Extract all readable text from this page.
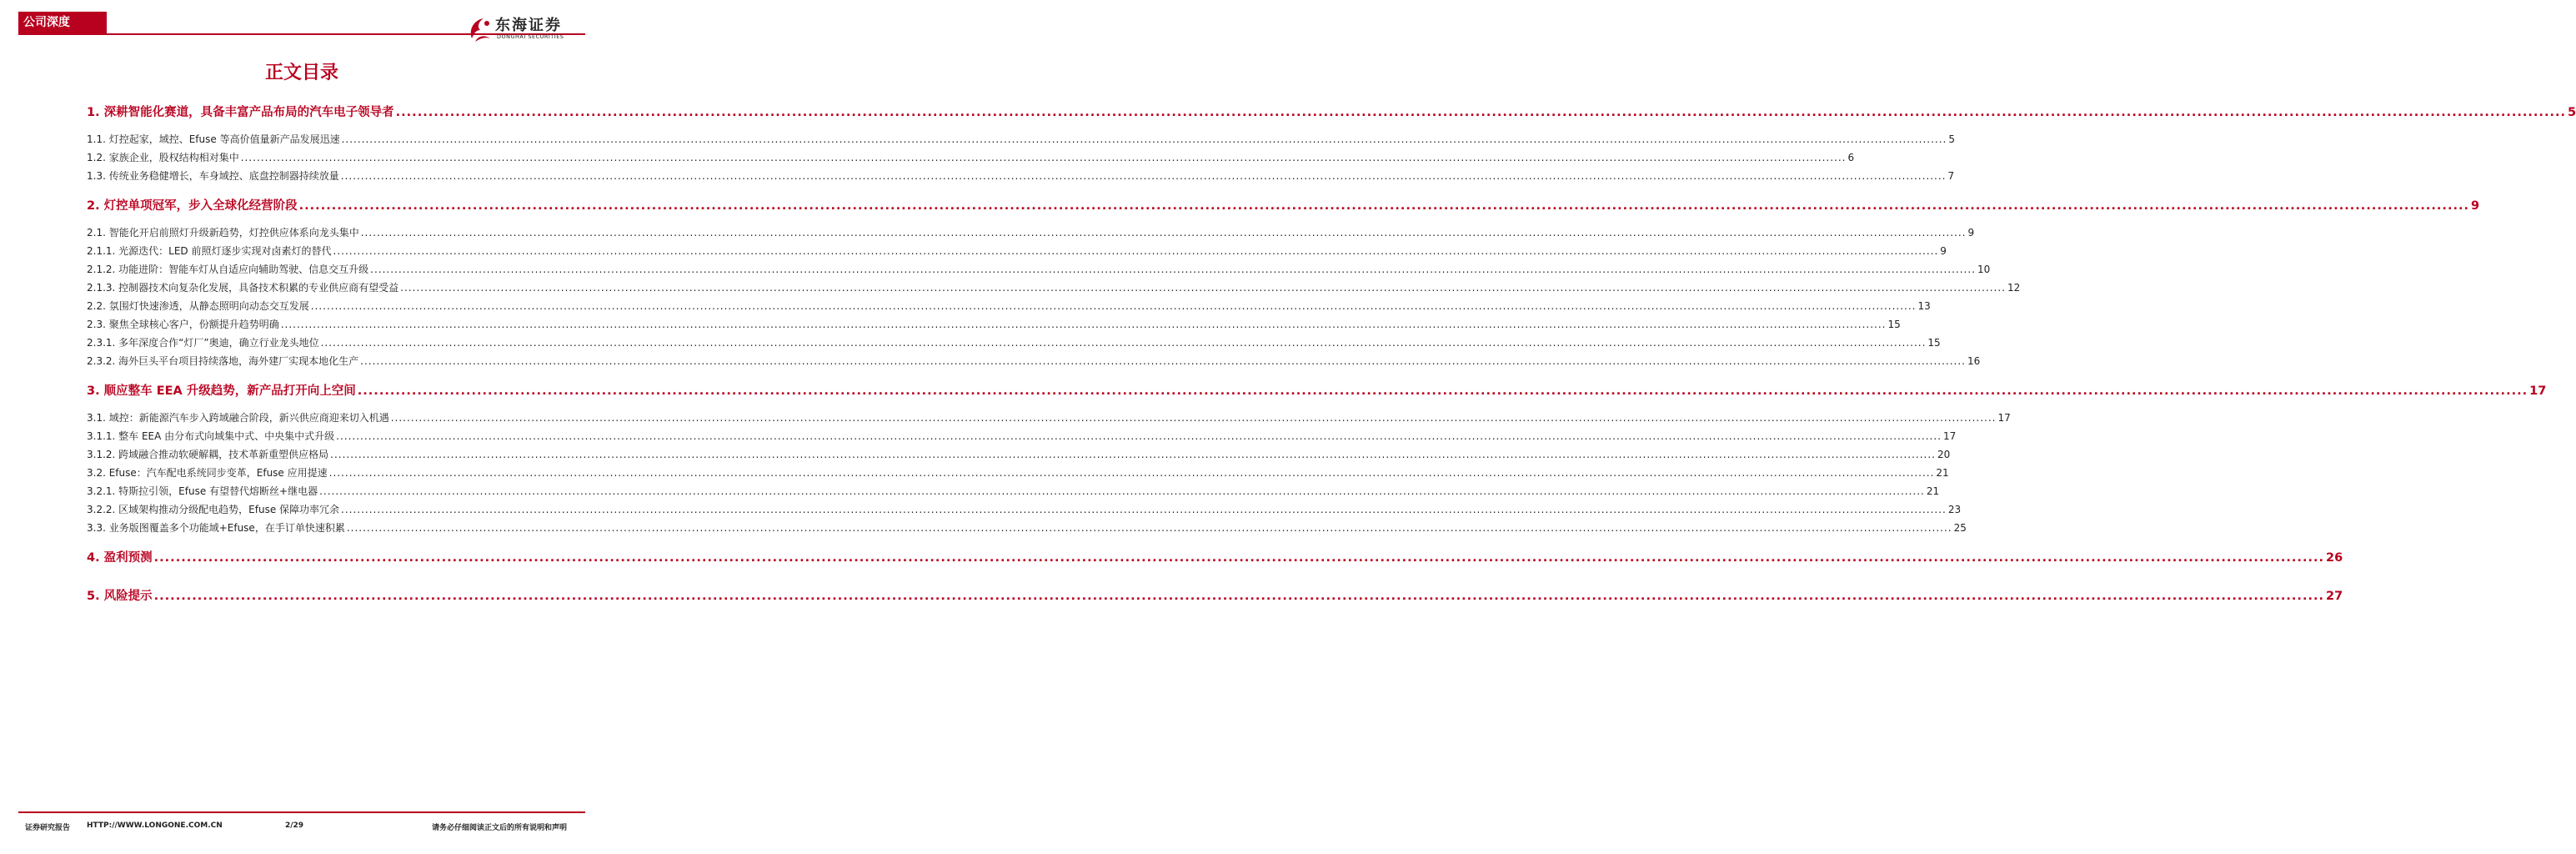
公司深度	东海证券
DONGHAI SECURITIES
正文目录
1. 深耕智能化赛道，具备丰富产品布局的汽车电子领导者 ................................................................................................................................................................................................................................................................................................................................................................................................................ 5
1.1. 灯控起家，域控、Efuse 等高价值量新产品发展迅速 ................................................................................................................................................................................................................................................................................................................................................................................................................ 5
1.2. 家族企业，股权结构相对集中 ................................................................................................................................................................................................................................................................................................................................................................................................................ 6
1.3. 传统业务稳健增长，车身域控、底盘控制器持续放量 ................................................................................................................................................................................................................................................................................................................................................................................................................ 7
2. 灯控单项冠军，步入全球化经营阶段 ................................................................................................................................................................................................................................................................................................................................................................................................................ 9
2.1. 智能化开启前照灯升级新趋势，灯控供应体系向龙头集中 ................................................................................................................................................................................................................................................................................................................................................................................................................ 9
2.1.1. 光源迭代：LED 前照灯逐步实现对卤素灯的替代 ................................................................................................................................................................................................................................................................................................................................................................................................................ 9
2.1.2. 功能进阶：智能车灯从自适应向辅助驾驶、信息交互升级 ................................................................................................................................................................................................................................................................................................................................................................................................................ 10
2.1.3. 控制器技术向复杂化发展，具备技术积累的专业供应商有望受益 ................................................................................................................................................................................................................................................................................................................................................................................................................ 12
2.2. 氛围灯快速渗透，从静态照明向动态交互发展 ................................................................................................................................................................................................................................................................................................................................................................................................................ 13
2.3. 聚焦全球核心客户，份额提升趋势明确 ................................................................................................................................................................................................................................................................................................................................................................................................................ 15
2.3.1. 多年深度合作“灯厂”奥迪，确立行业龙头地位 ................................................................................................................................................................................................................................................................................................................................................................................................................ 15
2.3.2. 海外巨头平台项目持续落地，海外建厂实现本地化生产 ................................................................................................................................................................................................................................................................................................................................................................................................................ 16
3. 顺应整车 EEA 升级趋势，新产品打开向上空间 ................................................................................................................................................................................................................................................................................................................................................................................................................ 17
3.1. 域控：新能源汽车步入跨域融合阶段，新兴供应商迎来切入机遇 ................................................................................................................................................................................................................................................................................................................................................................................................................ 17
3.1.1. 整车 EEA 由分布式向域集中式、中央集中式升级 ................................................................................................................................................................................................................................................................................................................................................................................................................ 17
3.1.2. 跨域融合推动软硬解耦，技术革新重塑供应格局 ................................................................................................................................................................................................................................................................................................................................................................................................................ 20
3.2. Efuse：汽车配电系统同步变革，Efuse 应用提速 ................................................................................................................................................................................................................................................................................................................................................................................................................ 21
3.2.1. 特斯拉引领，Efuse 有望替代熔断丝+继电器 ................................................................................................................................................................................................................................................................................................................................................................................................................ 21
3.2.2. 区域架构推动分级配电趋势，Efuse 保障功率冗余 ................................................................................................................................................................................................................................................................................................................................................................................................................ 23
3.3. 业务版图覆盖多个功能域+Efuse，在手订单快速积累 ................................................................................................................................................................................................................................................................................................................................................................................................................ 25
4. 盈利预测 ................................................................................................................................................................................................................................................................................................................................................................................................................ 26
5. 风险提示 ................................................................................................................................................................................................................................................................................................................................................................................................................ 27
证券研究报告 HTTP://WWW.LONGONE.COM.CN	2/29	请务必仔细阅读正文后的所有说明和声明
